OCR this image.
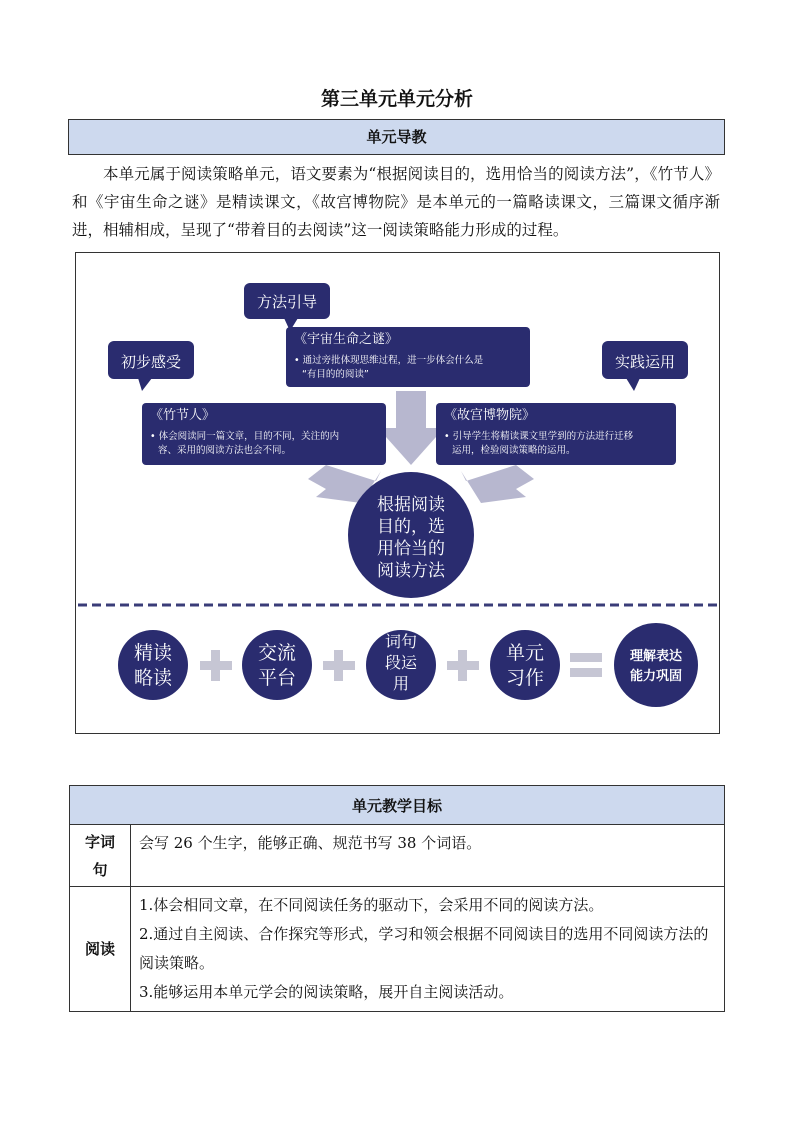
第三单元单元分析
单元导教

本单元属于阅读策略单元，语文要素为“根据阅读目的，选用恰当的阅读方法”，《竹节人》和《宇宙生命之谜》是精读课文，《故宫博物院》是本单元的一篇略读课文，三篇课文循序渐进，相辅相成，呈现了“带着目的去阅读”这一阅读策略能力形成的过程。

初步感受
方法引导
实践运用
《竹节人》
• 体会阅读同一篇文章，目的不同，关注的内
容、采用的阅读方法也会不同。
《宇宙生命之谜》
• 通过旁批体现思维过程，进一步体会什么是
“有目的的阅读”
《故宫博物院》
• 引导学生将精读课文里学到的方法进行迁移
运用，检验阅读策略的运用。
根据阅读
目的，选
用恰当的
阅读方法
精读
略读
交流
平台
词句
段运
用
单元
习作
理解表达
能力巩固
单元教学目标	

字词
句	会写 26 个生字，能够正确、规范书写 38 个词语。

阅读	1.体会相同文章，在不同阅读任务的驱动下，会采用不同的阅读方法。

2.通过自主阅读、合作探究等形式，学习和领会根据不同阅读目的选用不同阅读方法的阅读策略。

3.能够运用本单元学会的阅读策略，展开自主阅读活动。
